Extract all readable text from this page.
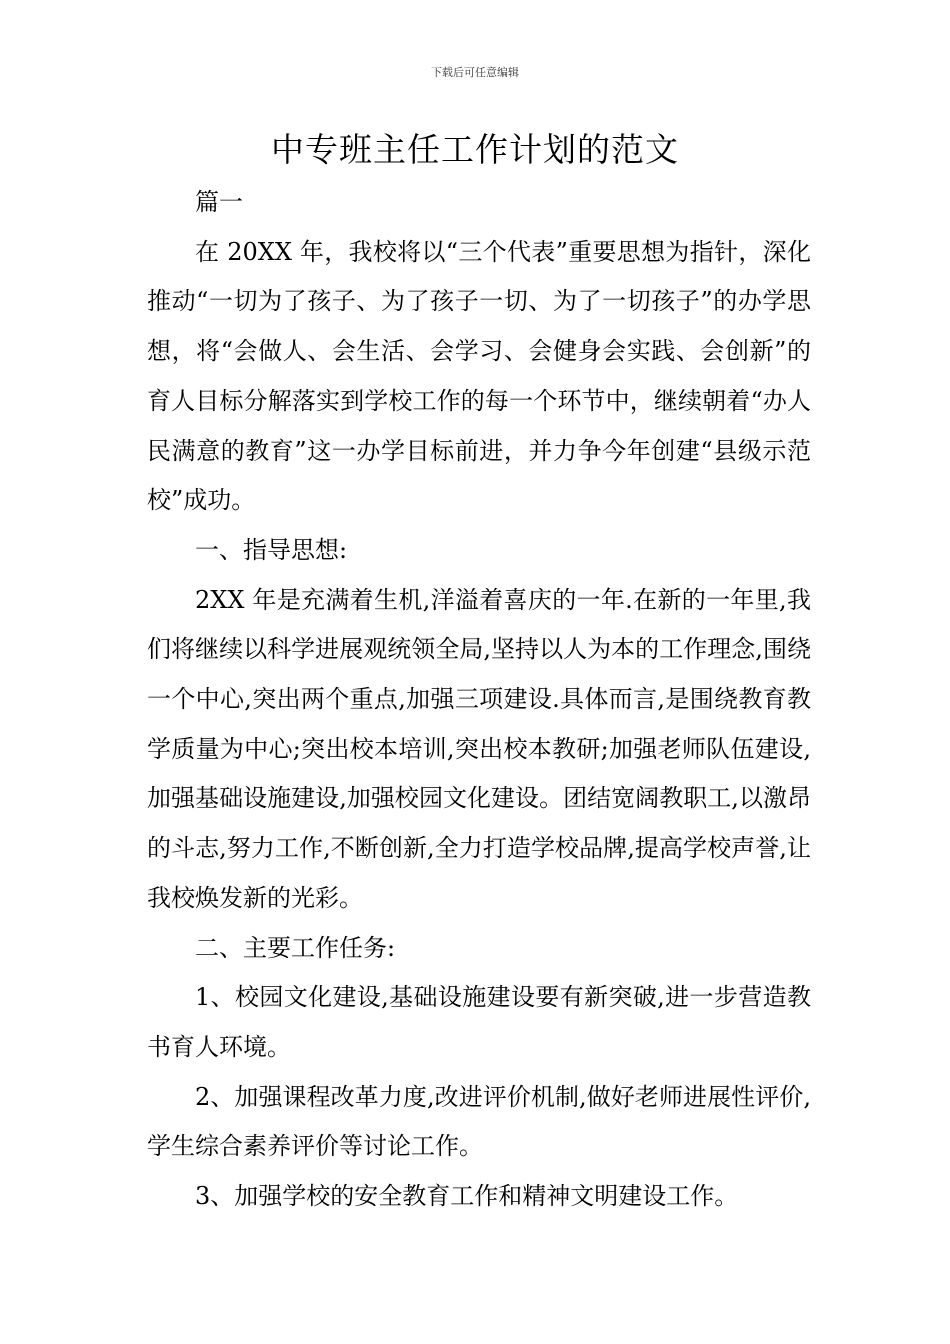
下载后可任意编辑
中专班主任工作计划的范文

篇一

在 20XX 年，我校将以“三个代表”重要思想为指针，深化推动“一切为了孩子、为了孩子一切、为了一切孩子”的办学思想，将“会做人、会生活、会学习、会健身会实践、会创新”的育人目标分解落实到学校工作的每一个环节中，继续朝着“办人民满意的教育”这一办学目标前进，并力争今年创建“县级示范校”成功。

一、指导思想:

2XX 年是充满着生机,洋溢着喜庆的一年.在新的一年里,我们将继续以科学进展观统领全局,坚持以人为本的工作理念,围绕一个中心,突出两个重点,加强三项建设.具体而言,是围绕教育教学质量为中心;突出校本培训,突出校本教研;加强老师队伍建设,加强基础设施建设,加强校园文化建设。团结宽阔教职工,以激昂的斗志,努力工作,不断创新,全力打造学校品牌,提高学校声誉,让我校焕发新的光彩。

二、主要工作任务:

1、校园文化建设,基础设施建设要有新突破,进一步营造教书育人环境。

2、加强课程改革力度,改进评价机制,做好老师进展性评价,学生综合素养评价等讨论工作。

3、加强学校的安全教育工作和精神文明建设工作。
